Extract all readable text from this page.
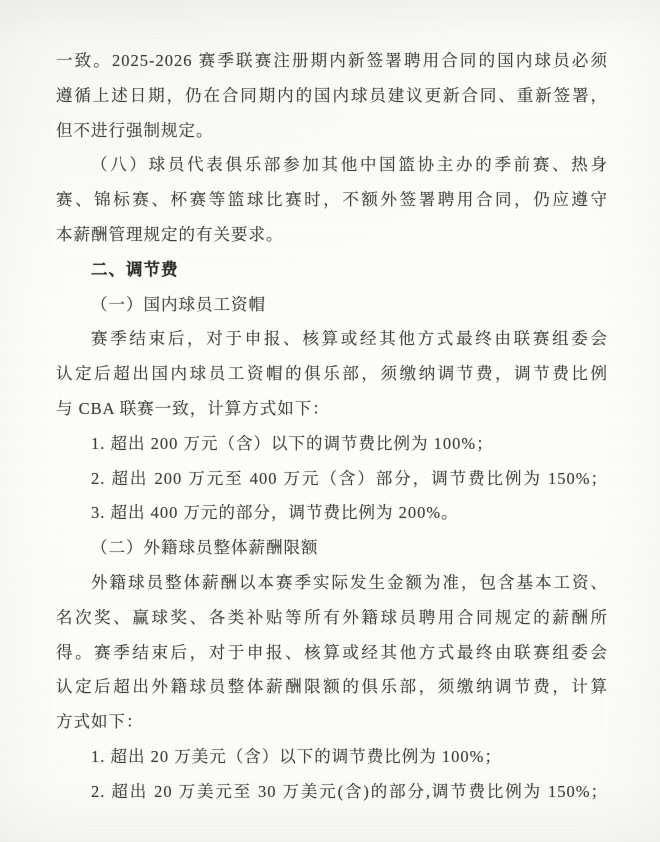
一致。2025-2026 赛季联赛注册期内新签署聘用合同的国内球员必须
遵循上述日期，仍在合同期内的国内球员建议更新合同、重新签署，
但不进行强制规定。
（八）球员代表俱乐部参加其他中国篮协主办的季前赛、热身
赛、锦标赛、杯赛等篮球比赛时，不额外签署聘用合同，仍应遵守
本薪酬管理规定的有关要求。
二、调节费
（一）国内球员工资帽
赛季结束后，对于申报、核算或经其他方式最终由联赛组委会
认定后超出国内球员工资帽的俱乐部，须缴纳调节费，调节费比例
与 CBA 联赛一致，计算方式如下：
1. 超出 200 万元（含）以下的调节费比例为 100%；
2. 超出 200 万元至 400 万元（含）部分，调节费比例为 150%；
3. 超出 400 万元的部分，调节费比例为 200%。
（二）外籍球员整体薪酬限额
外籍球员整体薪酬以本赛季实际发生金额为准，包含基本工资、
名次奖、赢球奖、各类补贴等所有外籍球员聘用合同规定的薪酬所
得。赛季结束后，对于申报、核算或经其他方式最终由联赛组委会
认定后超出外籍球员整体薪酬限额的俱乐部，须缴纳调节费，计算
方式如下：
1. 超出 20 万美元（含）以下的调节费比例为 100%；
2. 超出 20 万美元至 30 万美元(含)的部分,调节费比例为 150%；
